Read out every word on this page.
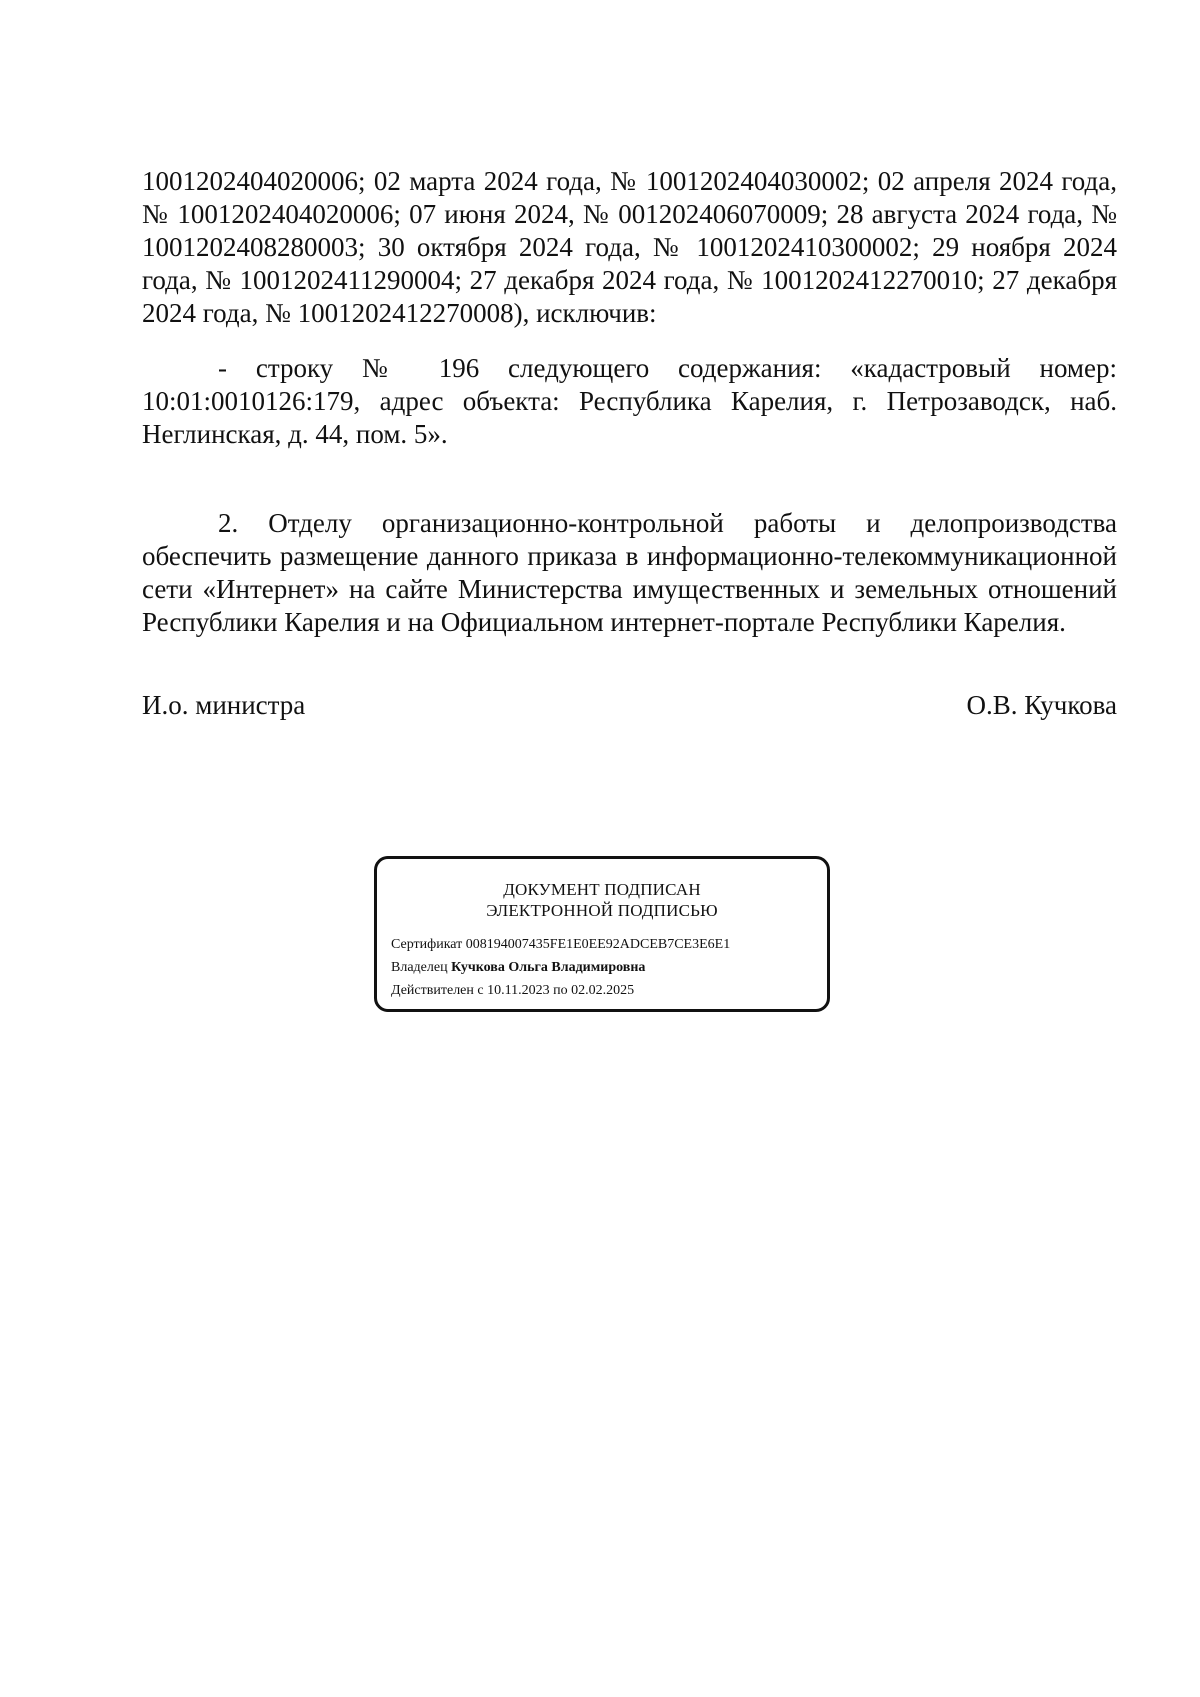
1001202404020006; 02 марта 2024 года, № 1001202404030002; 02 апреля 2024 года, № 1001202404020006; 07 июня 2024, № 001202406070009; 28 августа 2024 года, № 1001202408280003; 30 октября 2024 года, № 1001202410300002; 29 ноября 2024 года, № 1001202411290004; 27 декабря 2024 года, № 1001202412270010; 27 декабря 2024 года, № 1001202412270008), исключив:

- строку № 196 следующего содержания: «кадастровый номер: 10:01:0010126:179, адрес объекта: Республика Карелия, г. Петрозаводск, наб. Неглинская, д. 44, пом. 5».

2. Отделу организационно-контрольной работы и делопроизводства обеспечить размещение данного приказа в информационно-телекоммуникационной сети «Интернет» на сайте Министерства имущественных и земельных отношений Республики Карелия и на Официальном интернет-портале Республики Карелия.

И.о. министра	О.В. Кучкова
ДОКУМЕНТ ПОДПИСАН
ЭЛЕКТРОННОЙ ПОДПИСЬЮ
Сертификат 008194007435FE1E0EE92ADCEB7CE3E6E1
Владелец Кучкова Ольга Владимировна
Действителен с 10.11.2023 по 02.02.2025
